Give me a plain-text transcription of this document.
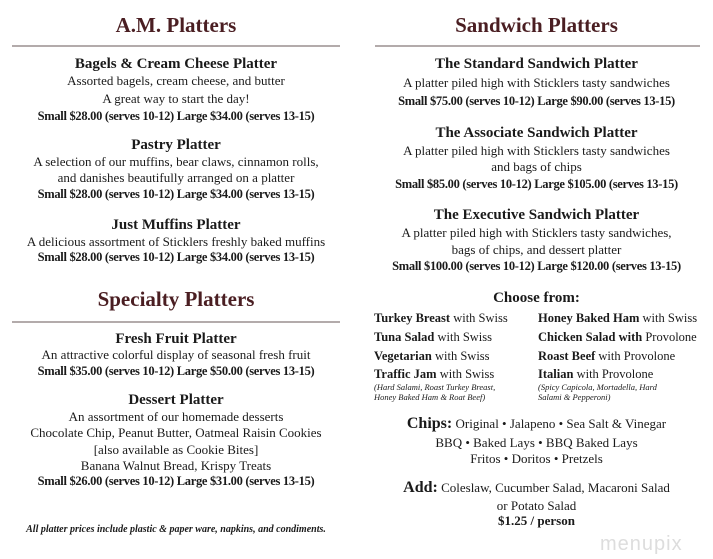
A.M. Platters
Bagels & Cream Cheese Platter
Assorted bagels, cream cheese, and butter
A great way to start the day!
Small $28.00 (serves 10-12) Large $34.00 (serves 13-15)
Pastry Platter
A selection of our muffins, bear claws, cinnamon rolls,
and danishes beautifully arranged on a platter
Small $28.00 (serves 10-12) Large $34.00 (serves 13-15)
Just Muffins Platter
A delicious assortment of Sticklers freshly baked muffins
Small $28.00 (serves 10-12) Large $34.00 (serves 13-15)
Specialty Platters
Fresh Fruit Platter
An attractive colorful display of seasonal fresh fruit
Small $35.00 (serves 10-12) Large $50.00 (serves 13-15)
Dessert Platter
An assortment of our homemade desserts
Chocolate Chip, Peanut Butter, Oatmeal Raisin Cookies
[also available as Cookie Bites]
Banana Walnut Bread, Krispy Treats
Small $26.00 (serves 10-12) Large $31.00 (serves 13-15)
All platter prices include plastic & paper ware, napkins, and condiments.
Sandwich Platters
The Standard Sandwich Platter
A platter piled high with Sticklers tasty sandwiches
Small $75.00 (serves 10-12) Large $90.00 (serves 13-15)
The Associate Sandwich Platter
A platter piled high with Sticklers tasty sandwiches
and bags of chips
Small $85.00 (serves 10-12) Large $105.00 (serves 13-15)
The Executive Sandwich Platter
A platter piled high with Sticklers tasty sandwiches,
bags of chips, and dessert platter
Small $100.00 (serves 10-12) Large $120.00 (serves 13-15)
Choose from:
Turkey Breast with Swiss Honey Baked Ham with Swiss
Tuna Salad with Swiss	Chicken Salad with Provolone
Vegetarian with Swiss	Roast Beef with Provolone
Traffic Jam with Swiss
(Hard Salami, Roast Turkey Breast,
Honey Baked Ham & Roat Beef)
Italian with Provolone
(Spicy Capicola, Mortadella, Hard
Salami & Pepperoni)
Chips: Original • Jalapeno • Sea Salt & Vinegar
BBQ • Baked Lays • BBQ Baked Lays
Fritos • Doritos • Pretzels
Add: Coleslaw, Cucumber Salad, Macaroni Salad
or Potato Salad
$1.25 / person
menupix
